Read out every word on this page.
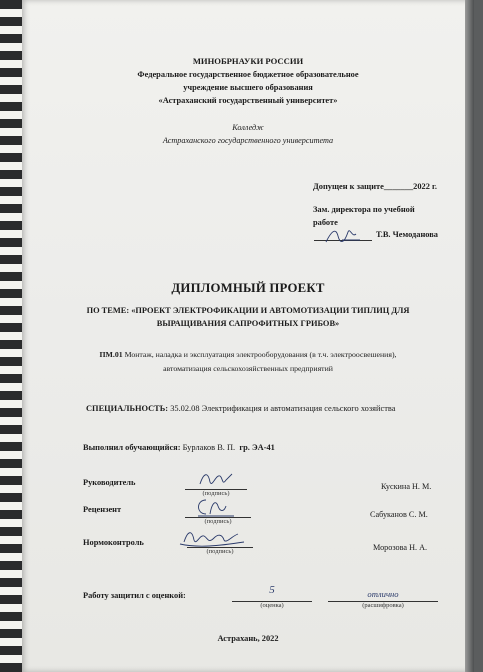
МИНОБРНАУКИ РОССИИ
Федеральное государственное бюджетное образовательное
учреждение высшего образования
«Астраханский государственный университет»
Колледж
Астраханского государственного университета
Допущен к защите_______2022 г.
Зам. директора по учебной
работе
Т.В. Чемоданова
ДИПЛОМНЫЙ ПРОЕКТ
ПО ТЕМЕ: «ПРОЕКТ ЭЛЕКТРОФИКАЦИИ И АВТОМОТИЗАЦИИ ТИПЛИЦ ДЛЯ
ВЫРАЩИВАНИЯ САПРОФИТНЫХ ГРИБОВ»
ПМ.01 Монтаж, наладка и эксплуатация электрооборудования (в т.ч. электроосвешения),
автоматизация сельскохозяйственных предприятий
СПЕЦИАЛЬНОСТЬ: 35.02.08 Электрификация и автоматизация сельского хозяйства
Выполнил обучающийся: Бурлаков В. П. гр. ЭА-41
Руководитель
(подпись)
Кускина Н. М.
Рецензент
(подпись)
Сабуканов С. М.
Нормоконтроль
(подпись)	Морозова Н. А.
Работу защитил с оценкой:	5
(оценка)
отлично
(расшифровка)
Астрахань, 2022
